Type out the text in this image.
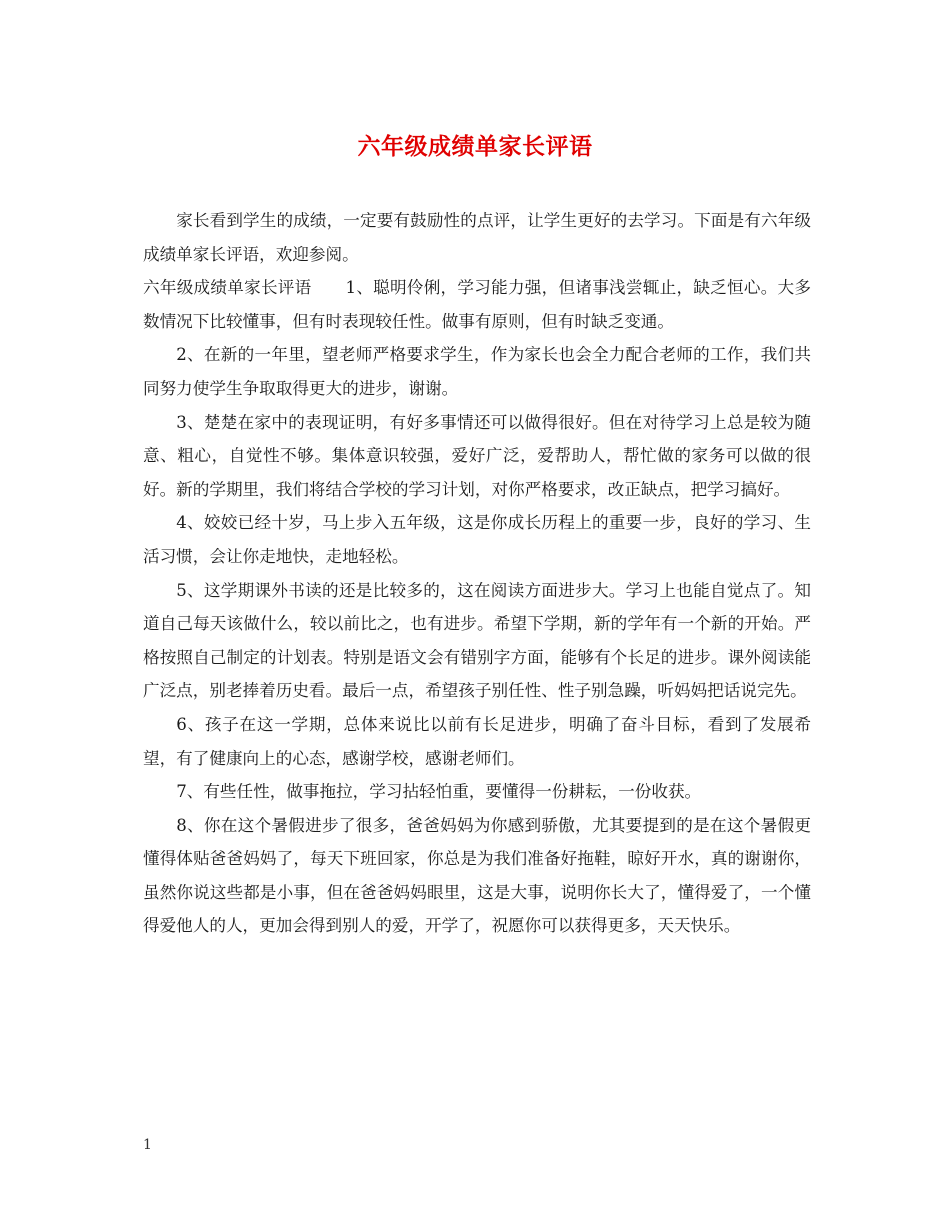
六年级成绩单家长评语

家长看到学生的成绩，一定要有鼓励性的点评，让学生更好的去学习。下面是有六年级成绩单家长评语，欢迎参阅。

六年级成绩单家长评语 1、聪明伶俐，学习能力强，但诸事浅尝辄止，缺乏恒心。大多数情况下比较懂事，但有时表现较任性。做事有原则，但有时缺乏变通。

2、在新的一年里，望老师严格要求学生，作为家长也会全力配合老师的工作，我们共同努力使学生争取取得更大的进步，谢谢。

3、楚楚在家中的表现证明，有好多事情还可以做得很好。但在对待学习上总是较为随意、粗心，自觉性不够。集体意识较强，爱好广泛，爱帮助人，帮忙做的家务可以做的很好。新的学期里，我们将结合学校的学习计划，对你严格要求，改正缺点，把学习搞好。

4、姣姣已经十岁，马上步入五年级，这是你成长历程上的重要一步，良好的学习、生活习惯，会让你走地快，走地轻松。

5、这学期课外书读的还是比较多的，这在阅读方面进步大。学习上也能自觉点了。知道自己每天该做什么，较以前比之，也有进步。希望下学期，新的学年有一个新的开始。严格按照自己制定的计划表。特别是语文会有错别字方面，能够有个长足的进步。课外阅读能广泛点，别老捧着历史看。最后一点，希望孩子别任性、性子别急躁，听妈妈把话说完先。

6、孩子在这一学期，总体来说比以前有长足进步，明确了奋斗目标，看到了发展希望，有了健康向上的心态，感谢学校，感谢老师们。

7、有些任性，做事拖拉，学习拈轻怕重，要懂得一份耕耘，一份收获。

8、你在这个暑假进步了很多，爸爸妈妈为你感到骄傲，尤其要提到的是在这个暑假更懂得体贴爸爸妈妈了，每天下班回家，你总是为我们准备好拖鞋，晾好开水，真的谢谢你，虽然你说这些都是小事，但在爸爸妈妈眼里，这是大事，说明你长大了，懂得爱了，一个懂得爱他人的人，更加会得到别人的爱，开学了，祝愿你可以获得更多，天天快乐。

1
